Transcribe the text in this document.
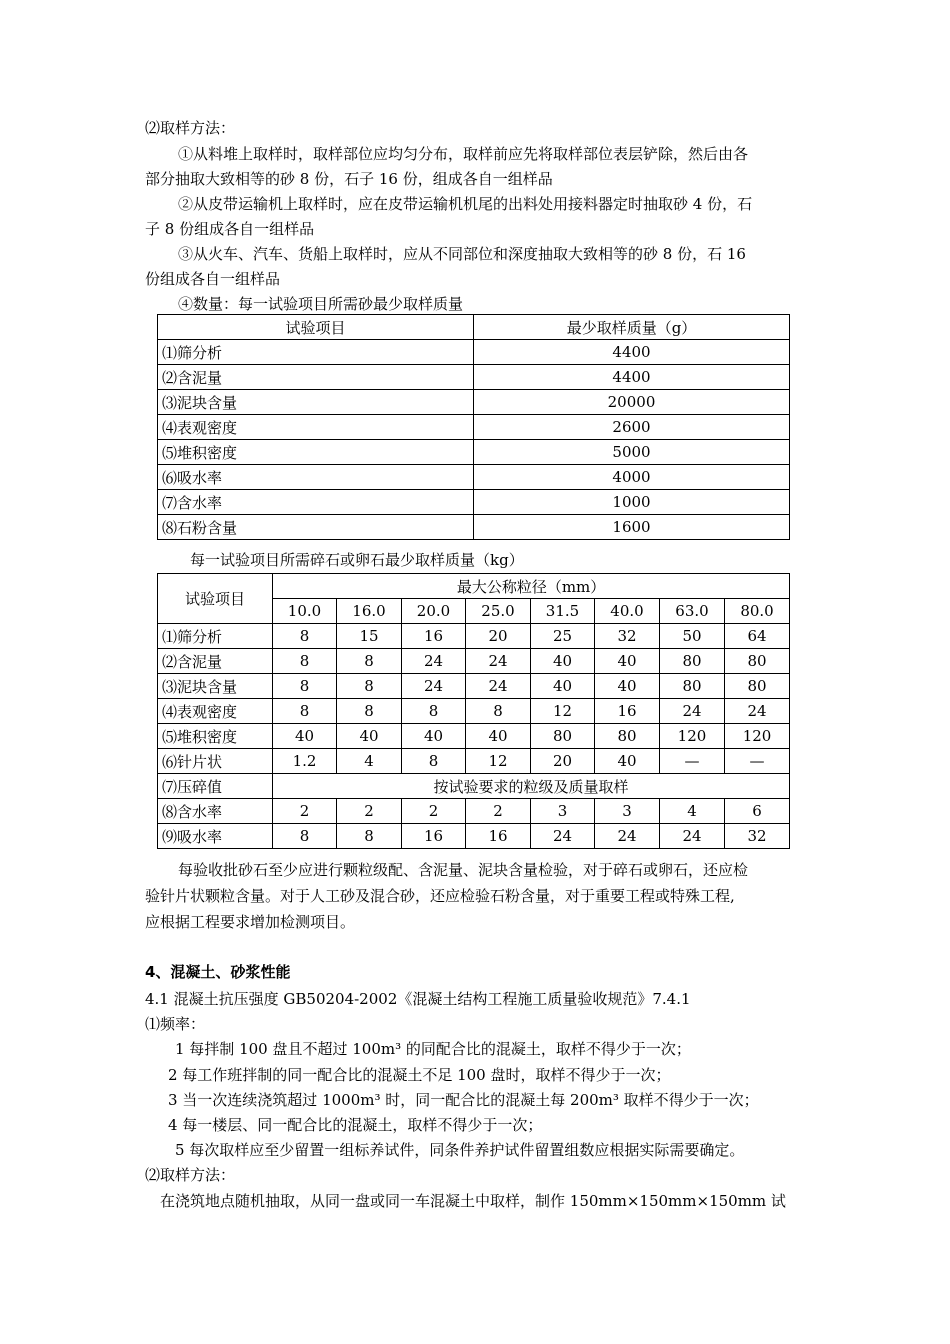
⑵取样方法：
①从料堆上取样时，取样部位应均匀分布，取样前应先将取样部位表层铲除，然后由各
部分抽取大致相等的砂 8 份，石子 16 份，组成各自一组样品
②从皮带运输机上取样时，应在皮带运输机机尾的出料处用接料器定时抽取砂 4 份，石
子 8 份组成各自一组样品
③从火车、汽车、货船上取样时，应从不同部位和深度抽取大致相等的砂 8 份，石 16
份组成各自一组样品
④数量：每一试验项目所需砂最少取样质量
试验项目	最少取样质量（g）
⑴筛分析	4400
⑵含泥量	4400
⑶泥块含量	20000
⑷表观密度	2600
⑸堆积密度	5000
⑹吸水率	4000
⑺含水率	1000
⑻石粉含量	1600
每一试验项目所需碎石或卵石最少取样质量（kg）
试验项目	最大公称粒径（mm）							
	10.0	16.0	20.0	25.0	31.5	40.0	63.0	80.0
⑴筛分析	8	15	16	20	25	32	50	64
⑵含泥量	8	8	24	24	40	40	80	80
⑶泥块含量	8	8	24	24	40	40	80	80
⑷表观密度	8	8	8	8	12	16	24	24
⑸堆积密度	40	40	40	40	80	80	120	120
⑹针片状	1.2	4	8	12	20	40	—	—
⑺压碎值	按试验要求的粒级及质量取样							
⑻含水率	2	2	2	2	3	3	4	6
⑼吸水率	8	8	16	16	24	24	24	32
每验收批砂石至少应进行颗粒级配、含泥量、泥块含量检验，对于碎石或卵石，还应检
验针片状颗粒含量。对于人工砂及混合砂，还应检验石粉含量，对于重要工程或特殊工程,
应根据工程要求增加检测项目。
4、混凝土、砂浆性能
4.1 混凝土抗压强度 GB50204-2002《混凝土结构工程施工质量验收规范》7.4.1
⑴频率：
1 每拌制 100 盘且不超过 100m³ 的同配合比的混凝土，取样不得少于一次；
2 每工作班拌制的同一配合比的混凝土不足 100 盘时，取样不得少于一次；
3 当一次连续浇筑超过 1000m³ 时，同一配合比的混凝土每 200m³ 取样不得少于一次；
4 每一楼层、同一配合比的混凝土，取样不得少于一次；
5 每次取样应至少留置一组标养试件，同条件养护试件留置组数应根据实际需要确定。
⑵取样方法：
在浇筑地点随机抽取，从同一盘或同一车混凝土中取样，制作 150mm×150mm×150mm 试
